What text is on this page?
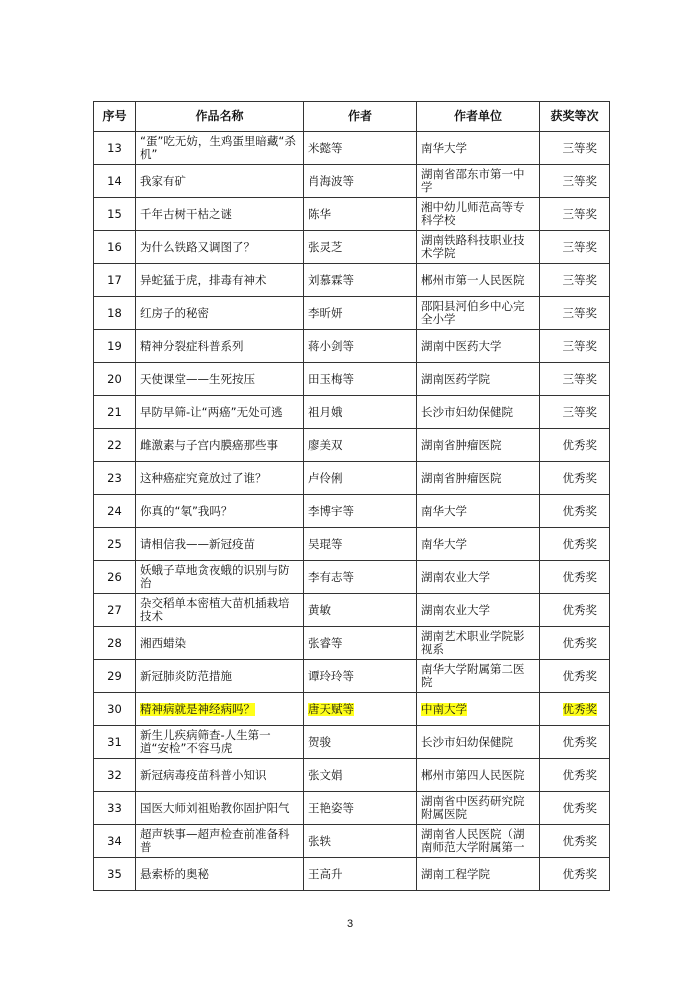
序号	作品名称	作者	作者单位	获奖等次

13	“蛋”吃无妨，生鸡蛋里暗藏“杀机”	米懿等	南华大学	三等奖

14	我家有矿	肖海波等	湖南省邵东市第一中学	三等奖

15	千年古树干枯之谜	陈华	湘中幼儿师范高等专科学校	三等奖

16	为什么铁路又调图了？	张灵芝	湖南铁路科技职业技术学院	三等奖

17	异蛇猛于虎，排毒有神术	刘慕霖等	郴州市第一人民医院	三等奖

18	红房子的秘密	李昕妍	邵阳县河伯乡中心完全小学	三等奖

19	精神分裂症科普系列	蒋小剑等	湖南中医药大学	三等奖

20	天使课堂——生死按压	田玉梅等	湖南医药学院	三等奖

21	早防早筛-让“两癌”无处可逃	祖月娥	长沙市妇幼保健院	三等奖

22	雌激素与子宫内膜癌那些事	廖美双	湖南省肿瘤医院	优秀奖

23	这种癌症究竟放过了谁？	卢伶俐	湖南省肿瘤医院	优秀奖

24	你真的“氡”我吗？	李博宇等	南华大学	优秀奖

25	请相信我——新冠疫苗	吴琨等	南华大学	优秀奖

26	妖蛾子草地贪夜蛾的识别与防治	李有志等	湖南农业大学	优秀奖

27	杂交稻单本密植大苗机插栽培技术	黄敏	湖南农业大学	优秀奖

28	湘西蜡染	张睿等	湖南艺术职业学院影视系	优秀奖

29	新冠肺炎防范措施	谭玲玲等	南华大学附属第二医院	优秀奖

30	精神病就是神经病吗？	唐天赋等	中南大学	优秀奖

31	新生儿疾病筛查-人生第一道“安检”不容马虎	贺骏	长沙市妇幼保健院	优秀奖

32	新冠病毒疫苗科普小知识	张文娟	郴州市第四人民医院	优秀奖

33	国医大师刘祖贻教你固护阳气	王艳姿等	湖南省中医药研究院附属医院	优秀奖

34	超声轶事—超声检查前准备科普	张轶	湖南省人民医院（湖南师范大学附属第一	优秀奖

35	悬索桥的奥秘	王高升	湖南工程学院	优秀奖
3
